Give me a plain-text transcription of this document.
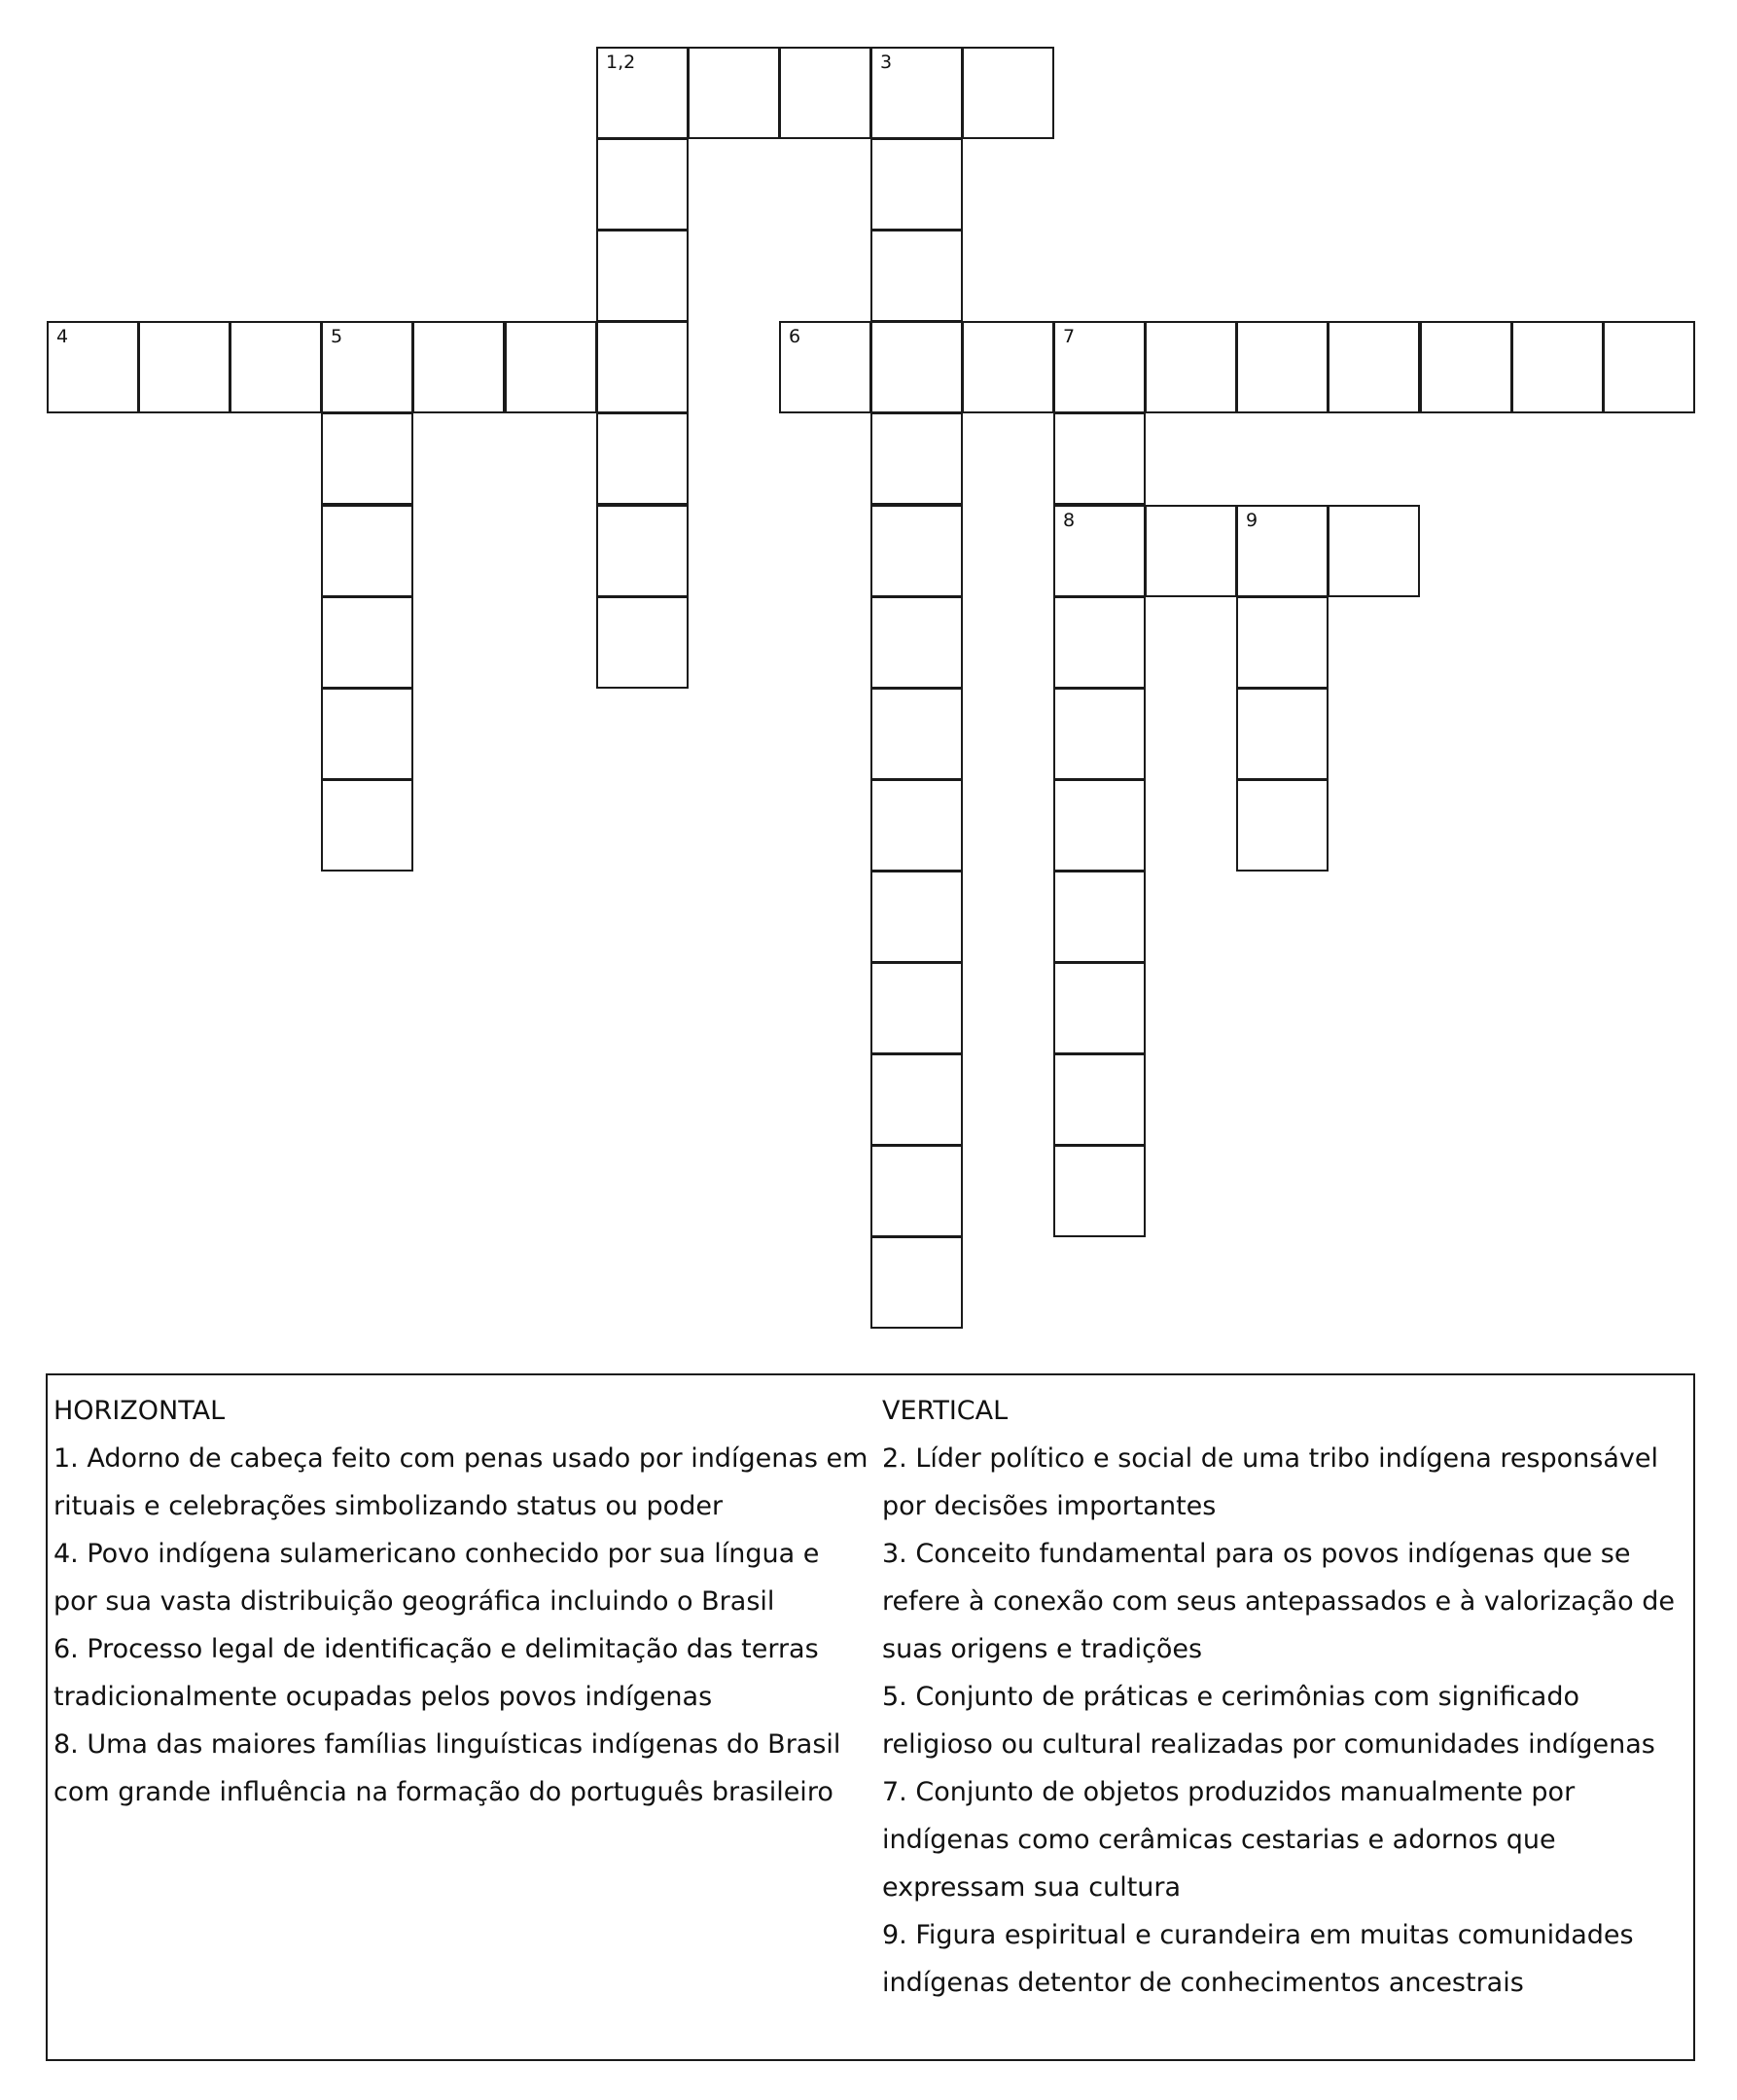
1,2	3
4	5	6	7
8	9
HORIZONTAL
1. Adorno de cabeça feito com penas usado por indígenas em rituais e celebrações simbolizando status ou poder
4. Povo indígena sulamericano conhecido por sua língua e por sua vasta distribuição geográfica incluindo o Brasil
6. Processo legal de identificação e delimitação das terras tradicionalmente ocupadas pelos povos indígenas
8. Uma das maiores famílias linguísticas indígenas do Brasil com grande influência na formação do português brasileiro
VERTICAL
2. Líder político e social de uma tribo indígena responsável por decisões importantes
3. Conceito fundamental para os povos indígenas que se refere à conexão com seus antepassados e à valorização de suas origens e tradições
5. Conjunto de práticas e cerimônias com significado religioso ou cultural realizadas por comunidades indígenas
7. Conjunto de objetos produzidos manualmente por indígenas como cerâmicas cestarias e adornos que expressam sua cultura
9. Figura espiritual e curandeira em muitas comunidades indígenas detentor de conhecimentos ancestrais
